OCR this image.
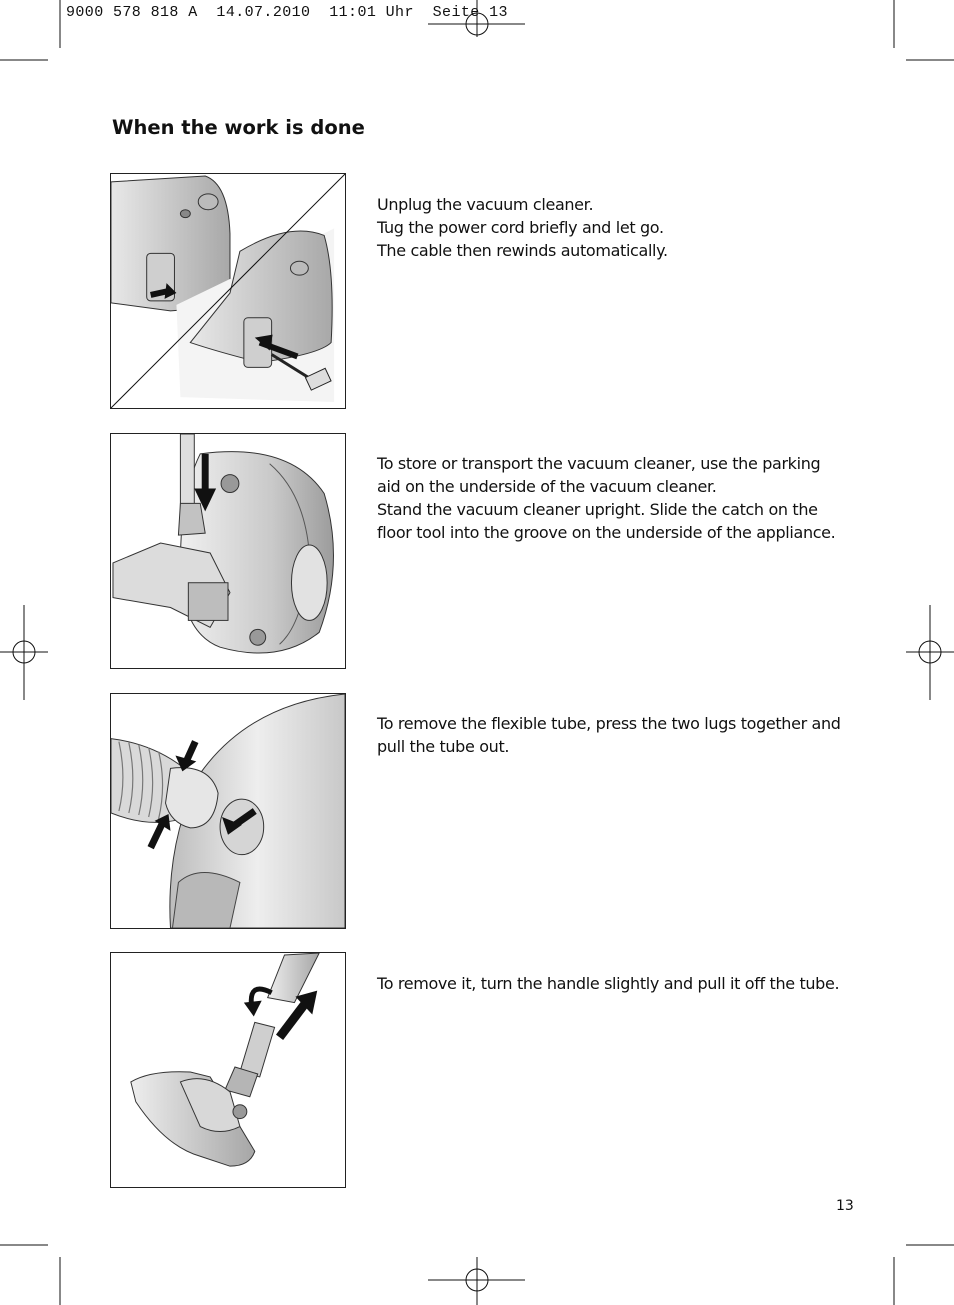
9000 578 818 A  14.07.2010  11:01 Uhr  Seite 13
When the work is done
Unplug the vacuum cleaner.
Tug the power cord briefly and let go.
The cable then rewinds automatically.
To store or transport the vacuum cleaner, use the parking
aid on the underside of the vacuum cleaner.
Stand the vacuum cleaner upright. Slide the catch on the
floor tool into the groove on the underside of the appliance.
To remove the flexible tube, press the two lugs together and
pull the tube out.
To remove it, turn the handle slightly and pull it off the tube.
13
